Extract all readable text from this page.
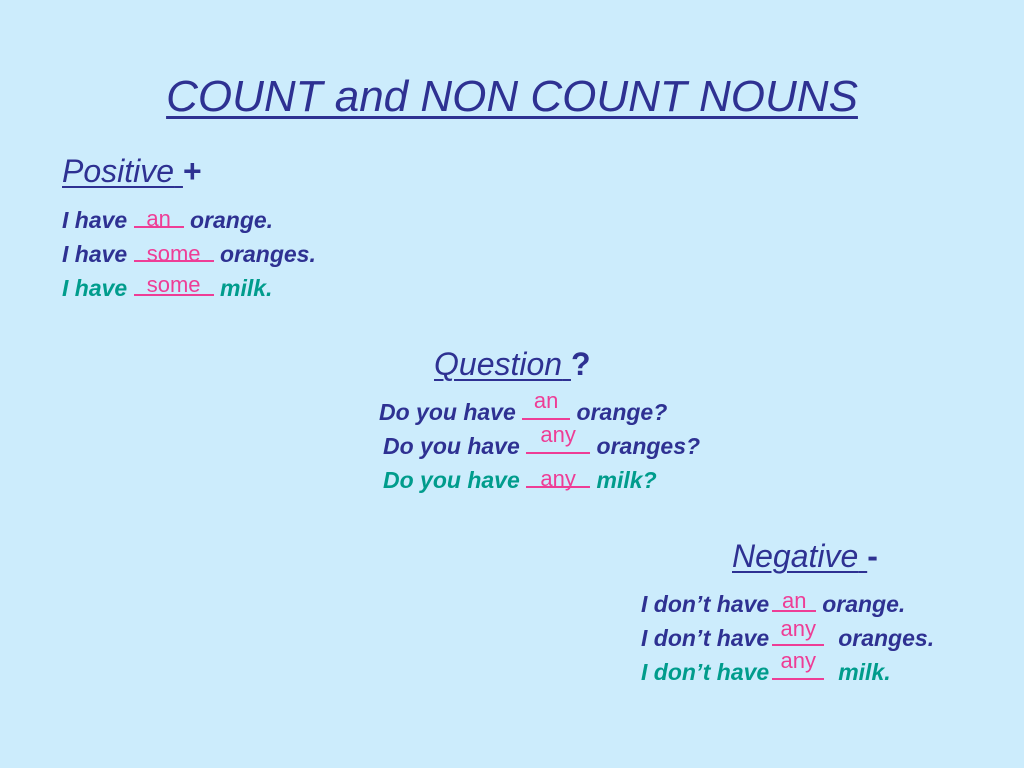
COUNT and NON COUNT NOUNS
Positive +
I have an orange.
I have some oranges.
I have some milk.
Question ?
Do you have an orange?
Do you have any oranges?
Do you have any milk?
Negative -
I don’t have an orange.
I don’t have any oranges.
I don’t have any milk.
